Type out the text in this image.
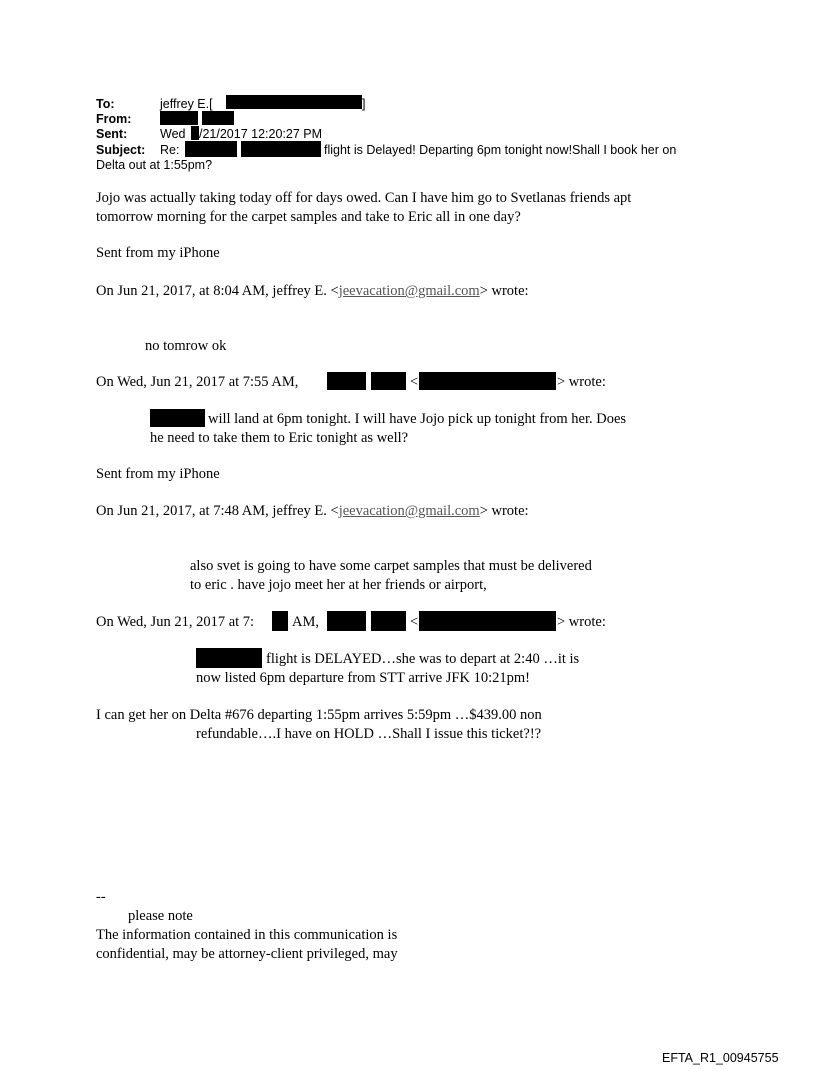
To:	jeffrey E.[	]
From:
Sent:	Wed /21/2017 12:20:27 PM
Subject: Re:	flight is Delayed! Departing 6pm tonight now!Shall I book her on
Delta out at 1:55pm?
Jojo was actually taking today off for days owed. Can I have him go to Svetlanas friends apt
tomorrow morning for the carpet samples and take to Eric all in one day?
Sent from my iPhone
On Jun 21, 2017, at 8:04 AM, jeffrey E. <jeevacation@gmail.com> wrote:
no tomrow ok
On Wed, Jun 21, 2017 at 7:55 AM,	<	> wrote:
will land at 6pm tonight. I will have Jojo pick up tonight from her. Does
he need to take them to Eric tonight as well?
Sent from my iPhone
On Jun 21, 2017, at 7:48 AM, jeffrey E. <jeevacation@gmail.com> wrote:
also svet is going to have some carpet samples that must be delivered
to eric . have jojo meet her at her friends or airport,
On Wed, Jun 21, 2017 at 7:	AM,	<	> wrote:
flight is DELAYED…she was to depart at 2:40 …it is
now listed 6pm departure from STT arrive JFK 10:21pm!
I can get her on Delta #676 departing 1:55pm arrives 5:59pm …$439.00 non
refundable….I have on HOLD …Shall I issue this ticket?!?
--
please note
The information contained in this communication is
confidential, may be attorney-client privileged, may
EFTA_R1_00945755
